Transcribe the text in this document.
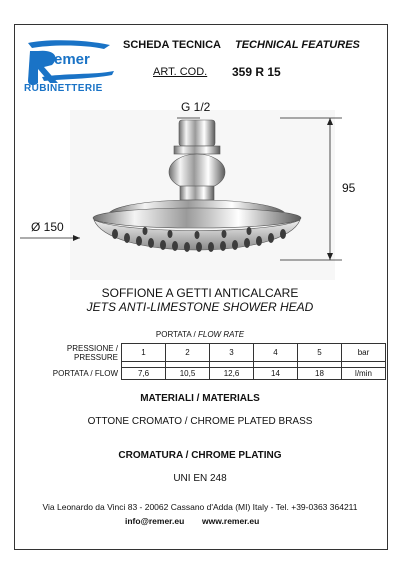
emer
RUBINETTERIE
SCHEDA TECNICA TECHNICAL FEATURES
ART. COD. 359 R 15
G 1/2
95
Ø 150
SOFFIONE A GETTI ANTICALCARE
JETS ANTI-LIMESTONE SHOWER HEAD
PORTATA / FLOW RATE
PRESSIONE / PRESSURE	1	2	3	4	5	bar

PORTATA / FLOW	7,6	10,5	12,6	14	18	l/min
MATERIALI / MATERIALS
OTTONE CROMATO / CHROME PLATED BRASS
CROMATURA / CHROME PLATING
UNI EN 248
Via Leonardo da Vinci 83 - 20062 Cassano d'Adda (MI) Italy - Tel. +39-0363 364211
info@remer.eu www.remer.eu
